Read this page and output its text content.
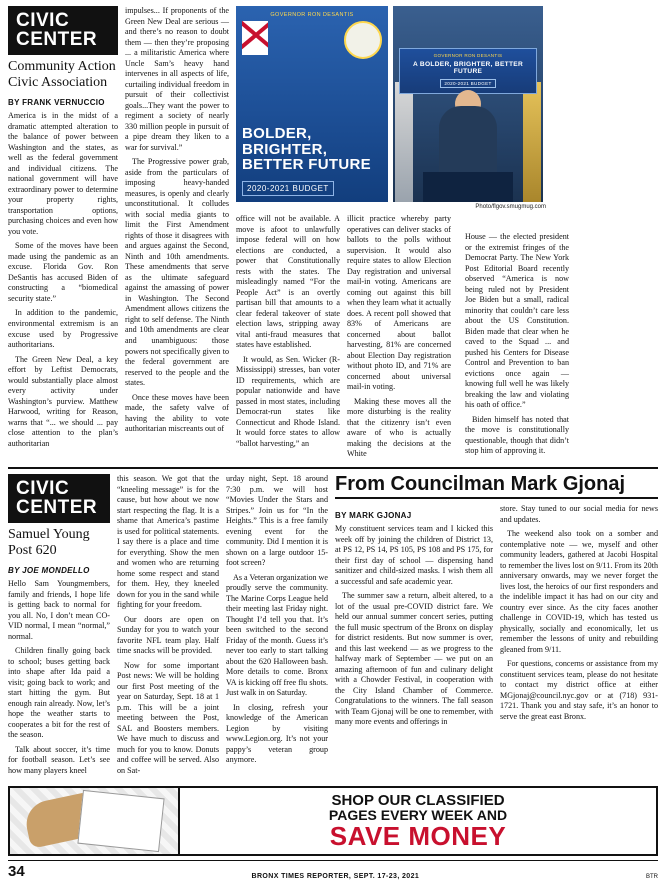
CIVIC CENTER
Community Action
Civic Association
BY FRANK VERNUCCIO

America is in the midst of a dramatic attempted alteration to the balance of power between Washington and the states, as well as the federal government and individual citizens. The national government will have extraordinary power to determine your property rights, transportation options, purchasing choices and even how you vote.

Some of the moves have been made using the pandemic as an excuse. Florida Gov. Ron DeSantis has accused Biden of constructing a “biomedical security state.”

In addition to the pandemic, environmental extremism is an excuse used by Progressive authoritarians.

The Green New Deal, a key effort by Leftist Democrats, would substantially place almost every activity under Washington’s purview. Matthew Harwood, writing for Reason, warns that “... we should ... pay close attention to the plan’s authoritarian

impulses... If proponents of the Green New Deal are serious — and there’s no reason to doubt them — then they’re proposing ... a militaristic America where Uncle Sam’s heavy hand intervenes in all aspects of life, curtailing individual freedom in pursuit of their collectivist goals...They want the power to regiment a society of nearly 330 million people in pursuit of a pipe dream they liken to a war for survival.”

The Progressive power grab, aside from the particulars of imposing heavy-handed measures, is openly and clearly unconstitutional. It colludes with social media giants to limit the First Amendment rights of those it disagrees with and argues against the Second, Ninth and 10th amendments. These amendments that serve as the ultimate safeguard against the amassing of power in Washington. The Second Amendment allows citizens the right to self defense. The Ninth and 10th amendments are clear and unambiguous: those powers not specifically given to the federal government are reserved to the people and the states.

Once these moves have been made, the safety valve of having the ability to vote authoritarian miscreants out of

GOVERNOR RON DESANTIS
BOLDER,
BRIGHTER,
BETTER FUTURE
2020-2021 BUDGET
GOVERNOR RON DESANTIS
A BOLDER, BRIGHTER, BETTER FUTURE
2020-2021 BUDGET
Photo/flgov.smugmug.com

office will not be available. A move is afoot to unlawfully impose federal will on how elections are conducted, a power that Constitutionally rests with the states. The misleadingly named “For the People Act” is an overtly partisan bill that amounts to a clear federal takeover of state election laws, stripping away vital anti-fraud measures that states have established.

It would, as Sen. Wicker (R-Mississippi) stresses, ban voter ID requirements, which are popular nationwide and have passed in most states, including Democrat-run states like Connecticut and Rhode Island. It would force states to allow “ballot harvesting,” an

illicit practice whereby party operatives can deliver stacks of ballots to the polls without supervision. It would also require states to allow Election Day registration and universal mail-in voting. Americans are coming out against this bill when they learn what it actually does. A recent poll showed that 83% of Americans are concerned about ballot harvesting, 81% are concerned about Election Day registration without photo ID, and 71% are concerned about universal mail-in voting.

Making these moves all the more disturbing is the reality that the citizenry isn’t even aware of who is actually making the decisions at the White

House — the elected president or the extremist fringes of the Democrat Party. The New York Post Editorial Board recently observed “America is now being ruled not by President Joe Biden but a small, radical minority that couldn’t care less about the US Constitution. Biden made that clear when he caved to the Squad ... and pushed his Centers for Disease Control and Prevention to ban evictions once again — knowing full well he was likely breaking the law and violating his oath of office.”

Biden himself has noted that the move is constitutionally questionable, though that didn’t stop him of approving it.

CIVIC CENTER
Samuel Young
Post 620
BY JOE MONDELLO

Hello Sam Youngmembers, family and friends, I hope life is getting back to normal for you all. No, I don’t mean CO-VID normal, I mean “normal,” normal.

Children finally going back to school; buses getting back into shape after Ida paid a visit; going back to work; and start hitting the gym. But enough rain already. Now, let’s hope the weather starts to cooperates a bit for the rest of the season.

Talk about soccer, it’s time for football season. Let’s see how many players kneel

this season. We got that the “kneeling message” is for the cause, but how about we now start respecting the flag. It is a shame that America’s pastime is used for political statements. I say there is a place and time for everything. Show the men and women who are returning home some respect and stand for them. Hey, they kneeled down for you in the sand while fighting for your freedom.

Our doors are open on Sunday for you to watch your favorite NFL team play. Half time snacks will be provided.

Now for some important Post news: We will be holding our first Post meeting of the year on Saturday, Sept. 18 at 1 p.m. This will be a joint meeting between the Post, SAL and Boosters members. We have much to discuss and much for you to know. Donuts and coffee will be served. Also on Sat-

urday night, Sept. 18 around 7:30 p.m. we will host “Movies Under the Stars and Stripes.” Join us for “In the Heights.” This is a free family evening event for the community. Did I mention it is shown on a large outdoor 15-foot screen?

As a Veteran organization we proudly serve the community. The Marine Corps League held their meeting last Friday night. Thought I’d tell you that. It’s been switched to the second Friday of the month. Guess it’s never too early to start talking about the 620 Halloween bash. More details to come. Bronx VA is kicking off free flu shots. Just walk in on Saturday.

In closing, refresh your knowledge of the American Legion by visiting www.Legion.org. It’s not your pappy’s veteran group anymore.

From Councilman Mark Gjonaj
BY MARK GJONAJ

My constituent services team and I kicked this week off by joining the children of District 13, at PS 12, PS 14, PS 105, PS 108 and PS 175, for their first day of school — dispensing hand sanitizer and child-sized masks. I wish them all a successful and safe academic year.

The summer saw a return, albeit altered, to a lot of the usual pre-COVID district fare. We held our annual summer concert series, putting the full music spectrum of the Bronx on display for district residents. But now summer is over, and this last weekend — as we progress to the halfway mark of September — we put on an amazing afternoon of fun and culinary delight with a Chowder Festival, in cooperation with the City Island Chamber of Commerce. Congratulations to the winners. The fall season with Team Gjonaj will be one to remember, with many more events and offerings in

store. Stay tuned to our social media for news and updates.

The weekend also took on a somber and contemplative note — we, myself and other community leaders, gathered at Jacobi Hospital to remember the lives lost on 9/11. From its 20th anniversary onwards, may we never forget the lives lost, the heroics of our first responders and the indelible impact it has had on our city and country ever since. As the city faces another challenge in COVID-19, which has tested us physically, socially and economically, let us remember the lessons of unity and rebuilding gleaned from 9/11.

For questions, concerns or assistance from my constituent services team, please do not hesitate to contact my district office at either MGjonaj@council.nyc.gov or at (718) 931-1721. Thank you and stay safe, it’s an honor to serve the great east Bronx.

SHOP OUR CLASSIFIED
PAGES EVERY WEEK AND
SAVE MONEY
34	BRONX TIMES REPORTER, SEPT. 17-23, 2021	BTR
